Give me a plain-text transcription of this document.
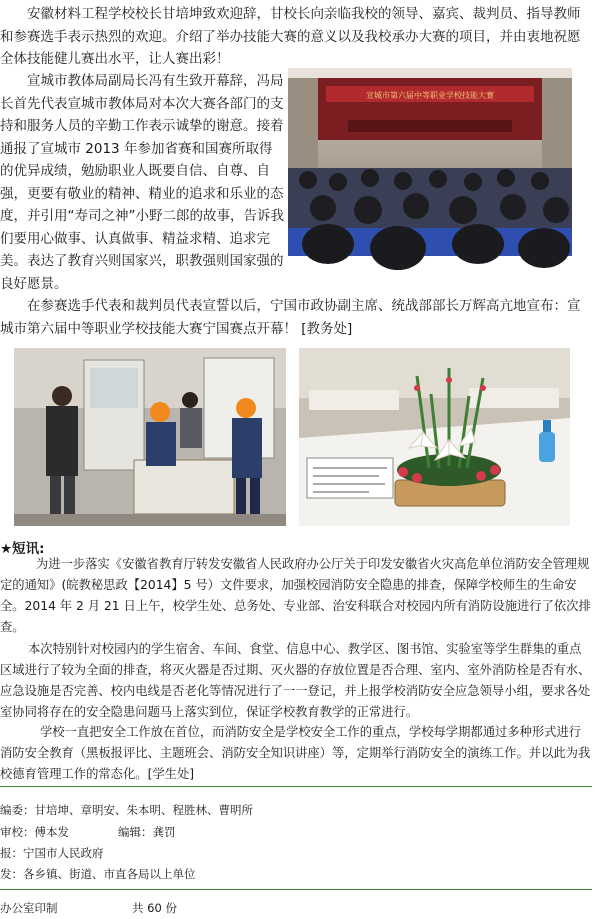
安徽材料工程学校校长甘培坤致欢迎辞，甘校长向亲临我校的领导、嘉宾、裁判员、指导教师和参赛选手表示热烈的欢迎。介绍了举办技能大赛的意义以及我校承办大赛的项目，并由衷地祝愿全体技能健儿赛出水平，让人赛出彩！

宣城市第六届中等职业学校技能大赛

宣城市教体局副局长冯有生致开幕辞，冯局长首先代表宣城市教体局对本次大赛各部门的支持和服务人员的辛勤工作表示诚挚的谢意。接着通报了宣城市 2013 年参加省赛和国赛所取得的优异成绩，勉励职业人既要自信、自尊、自强，更要有敬业的精神、精业的追求和乐业的态度，并引用“寿司之神”小野二郎的故事，告诉我们要用心做事、认真做事、精益求精、追求完美。表达了教育兴则国家兴，职教强则国家强的良好愿景。

在参赛选手代表和裁判员代表宣誓以后，宁国市政协副主席、统战部部长万辉高亢地宣布：宣城市第六届中等职业学校技能大赛宁国赛点开幕！ [教务处]

★短讯:

为进一步落实《安徽省教育厅转发安徽省人民政府办公厅关于印发安徽省火灾高危单位消防安全管理规定的通知》(皖教秘思政【2014】5 号）文件要求，加强校园消防安全隐患的排查，保障学校师生的生命安全。2014 年 2 月 21 日上午，校学生处、总务处、专业部、治安科联合对校园内所有消防设施进行了依次排查。

本次特别针对校园内的学生宿舍、车间、食堂、信息中心、教学区、图书馆、实验室等学生群集的重点区域进行了较为全面的排查，将灭火器是否过期、灭火器的存放位置是否合理、室内、室外消防栓是否有水、应急设施是否完善、校内电线是否老化等情况进行了一一登记，并上报学校消防安全应急领导小组，要求各处室协同将存在的安全隐患问题马上落实到位，保证学校教育教学的正常进行。

学校一直把安全工作放在首位，而消防安全是学校安全工作的重点，学校每学期都通过多种形式进行消防安全教育（黑板报评比、主题班会、消防安全知识讲座）等，定期举行消防安全的演练工作。并以此为我校德育管理工作的常态化。[学生处]

编委：甘培坤、章明安、朱本明、程胜林、曹明所

审校：傅本发	编辑：龚罚

报：宁国市人民政府

发：各乡镇、街道、市直各局以上单位

办公室印制	共 60 份
